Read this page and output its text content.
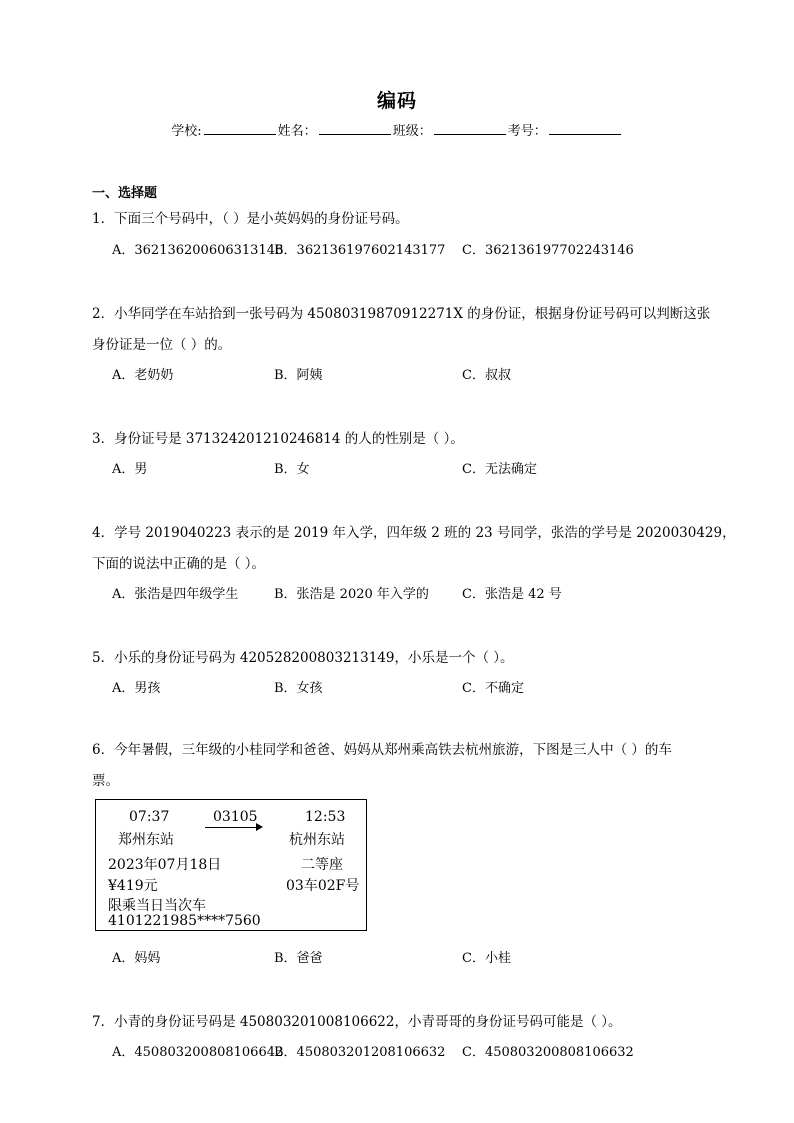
编码
学校:	姓名：	班级：	考号：
一、选择题
1．下面三个号码中，（ ）是小英妈妈的身份证号码。
A．362136200606313146
B．362136197602143177 C．362136197702243146
2．小华同学在车站拾到一张号码为 45080319870912271X 的身份证，根据身份证号码可以判断这张
身份证是一位（ ）的。
A．老奶奶	B．阿姨	C．叔叔
3．身份证号是 371324201210246814 的人的性别是（ ）。
A．男	B．女	C．无法确定
4．学号 2019040223 表示的是 2019 年入学，四年级 2 班的 23 号同学，张浩的学号是 2020030429，
下面的说法中正确的是（ ）。
A．张浩是四年级学生	B．张浩是 2020 年入学的	C．张浩是 42 号
5．小乐的身份证号码为 420528200803213149，小乐是一个（ ）。
A．男孩	B．女孩	C．不确定
6．今年暑假，三年级的小桂同学和爸爸、妈妈从郑州乘高铁去杭州旅游，下图是三人中（ ）的车
票。
07:37	03105	12:53
郑州东站	杭州东站
2023年07月18日	二等座
¥419元	03车02F号
限乘当日当次车
4101221985****7560
A．妈妈	B．爸爸	C．小桂
7．小青的身份证号码是 450803201008106622，小青哥哥的身份证号码可能是（ ）。
A．450803200808106642
B．450803201208106632 C．450803200808106632
